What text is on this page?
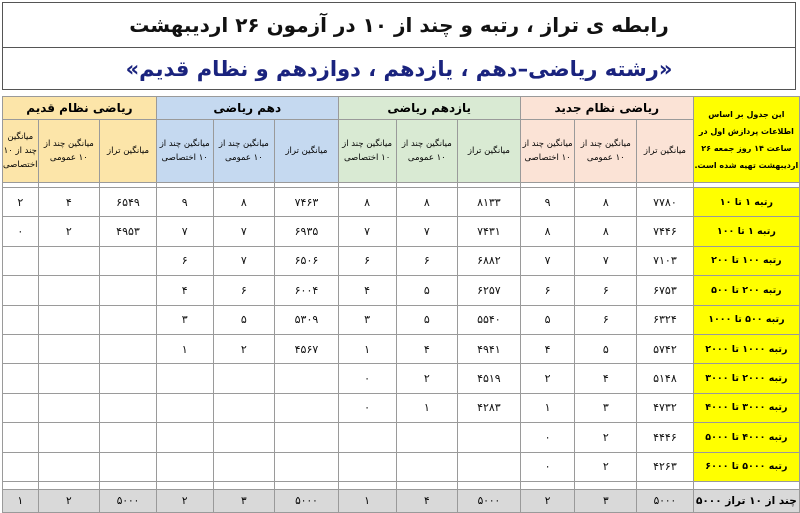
رابطه ی تراز ، رتبه و چند از ۱۰ در آزمون ۲۶ اردیبهشت
«رشته ریاضی–دهم ، یازدهم ، دوازدهم و نظام قدیم»
این جدول بر اساس اطلاعات پردازش اول در ساعت ۱۴ روز جمعه ۲۶ اردیبهشت تهیه شده است.	ریاضی نظام جدید			یازدهم ریاضی			دهم ریاضی			ریاضی نظام قدیم		
	میانگین تراز	میانگین چند از ۱۰ عمومی	میانگین چند از ۱۰ اختصاصی	میانگین تراز	میانگین چند از ۱۰ عمومی	میانگین چند از ۱۰ اختصاصی	میانگین تراز	میانگین چند از ۱۰ عمومی	میانگین چند از ۱۰ اختصاصی	میانگین تراز	میانگین چند از ۱۰ عمومی	میانگین چند از ۱۰ اختصاصی

رتبه ۱ تا ۱۰	۷۷۸۰	۸	۹	۸۱۳۳	۸	۸	۷۴۶۳	۸	۹	۶۵۴۹	۴	۲
رتبه ۱ تا ۱۰۰	۷۴۴۶	۸	۸	۷۴۳۱	۷	۷	۶۹۳۵	۷	۷	۴۹۵۳	۲	۰
رتبه ۱۰۰ تا ۲۰۰	۷۱۰۳	۷	۷	۶۸۸۲	۶	۶	۶۵۰۶	۷	۶			
رتبه ۲۰۰ تا ۵۰۰	۶۷۵۳	۶	۶	۶۲۵۷	۵	۴	۶۰۰۴	۶	۴			
رتبه ۵۰۰ تا ۱۰۰۰	۶۳۲۴	۶	۵	۵۵۴۰	۵	۳	۵۳۰۹	۵	۳			
رتبه ۱۰۰۰ تا ۲۰۰۰	۵۷۴۲	۵	۴	۴۹۴۱	۴	۱	۴۵۶۷	۲	۱			
رتبه ۲۰۰۰ تا ۳۰۰۰	۵۱۴۸	۴	۲	۴۵۱۹	۲	۰						
رتبه ۳۰۰۰ تا ۴۰۰۰	۴۷۳۲	۳	۱	۴۲۸۳	۱	۰						
رتبه ۴۰۰۰ تا ۵۰۰۰	۴۴۴۶	۲	۰									
رتبه ۵۰۰۰ تا ۶۰۰۰	۴۲۶۳	۲	۰									

چند از ۱۰ تراز ۵۰۰۰	۵۰۰۰	۳	۲	۵۰۰۰	۴	۱	۵۰۰۰	۳	۲	۵۰۰۰	۲	۱
